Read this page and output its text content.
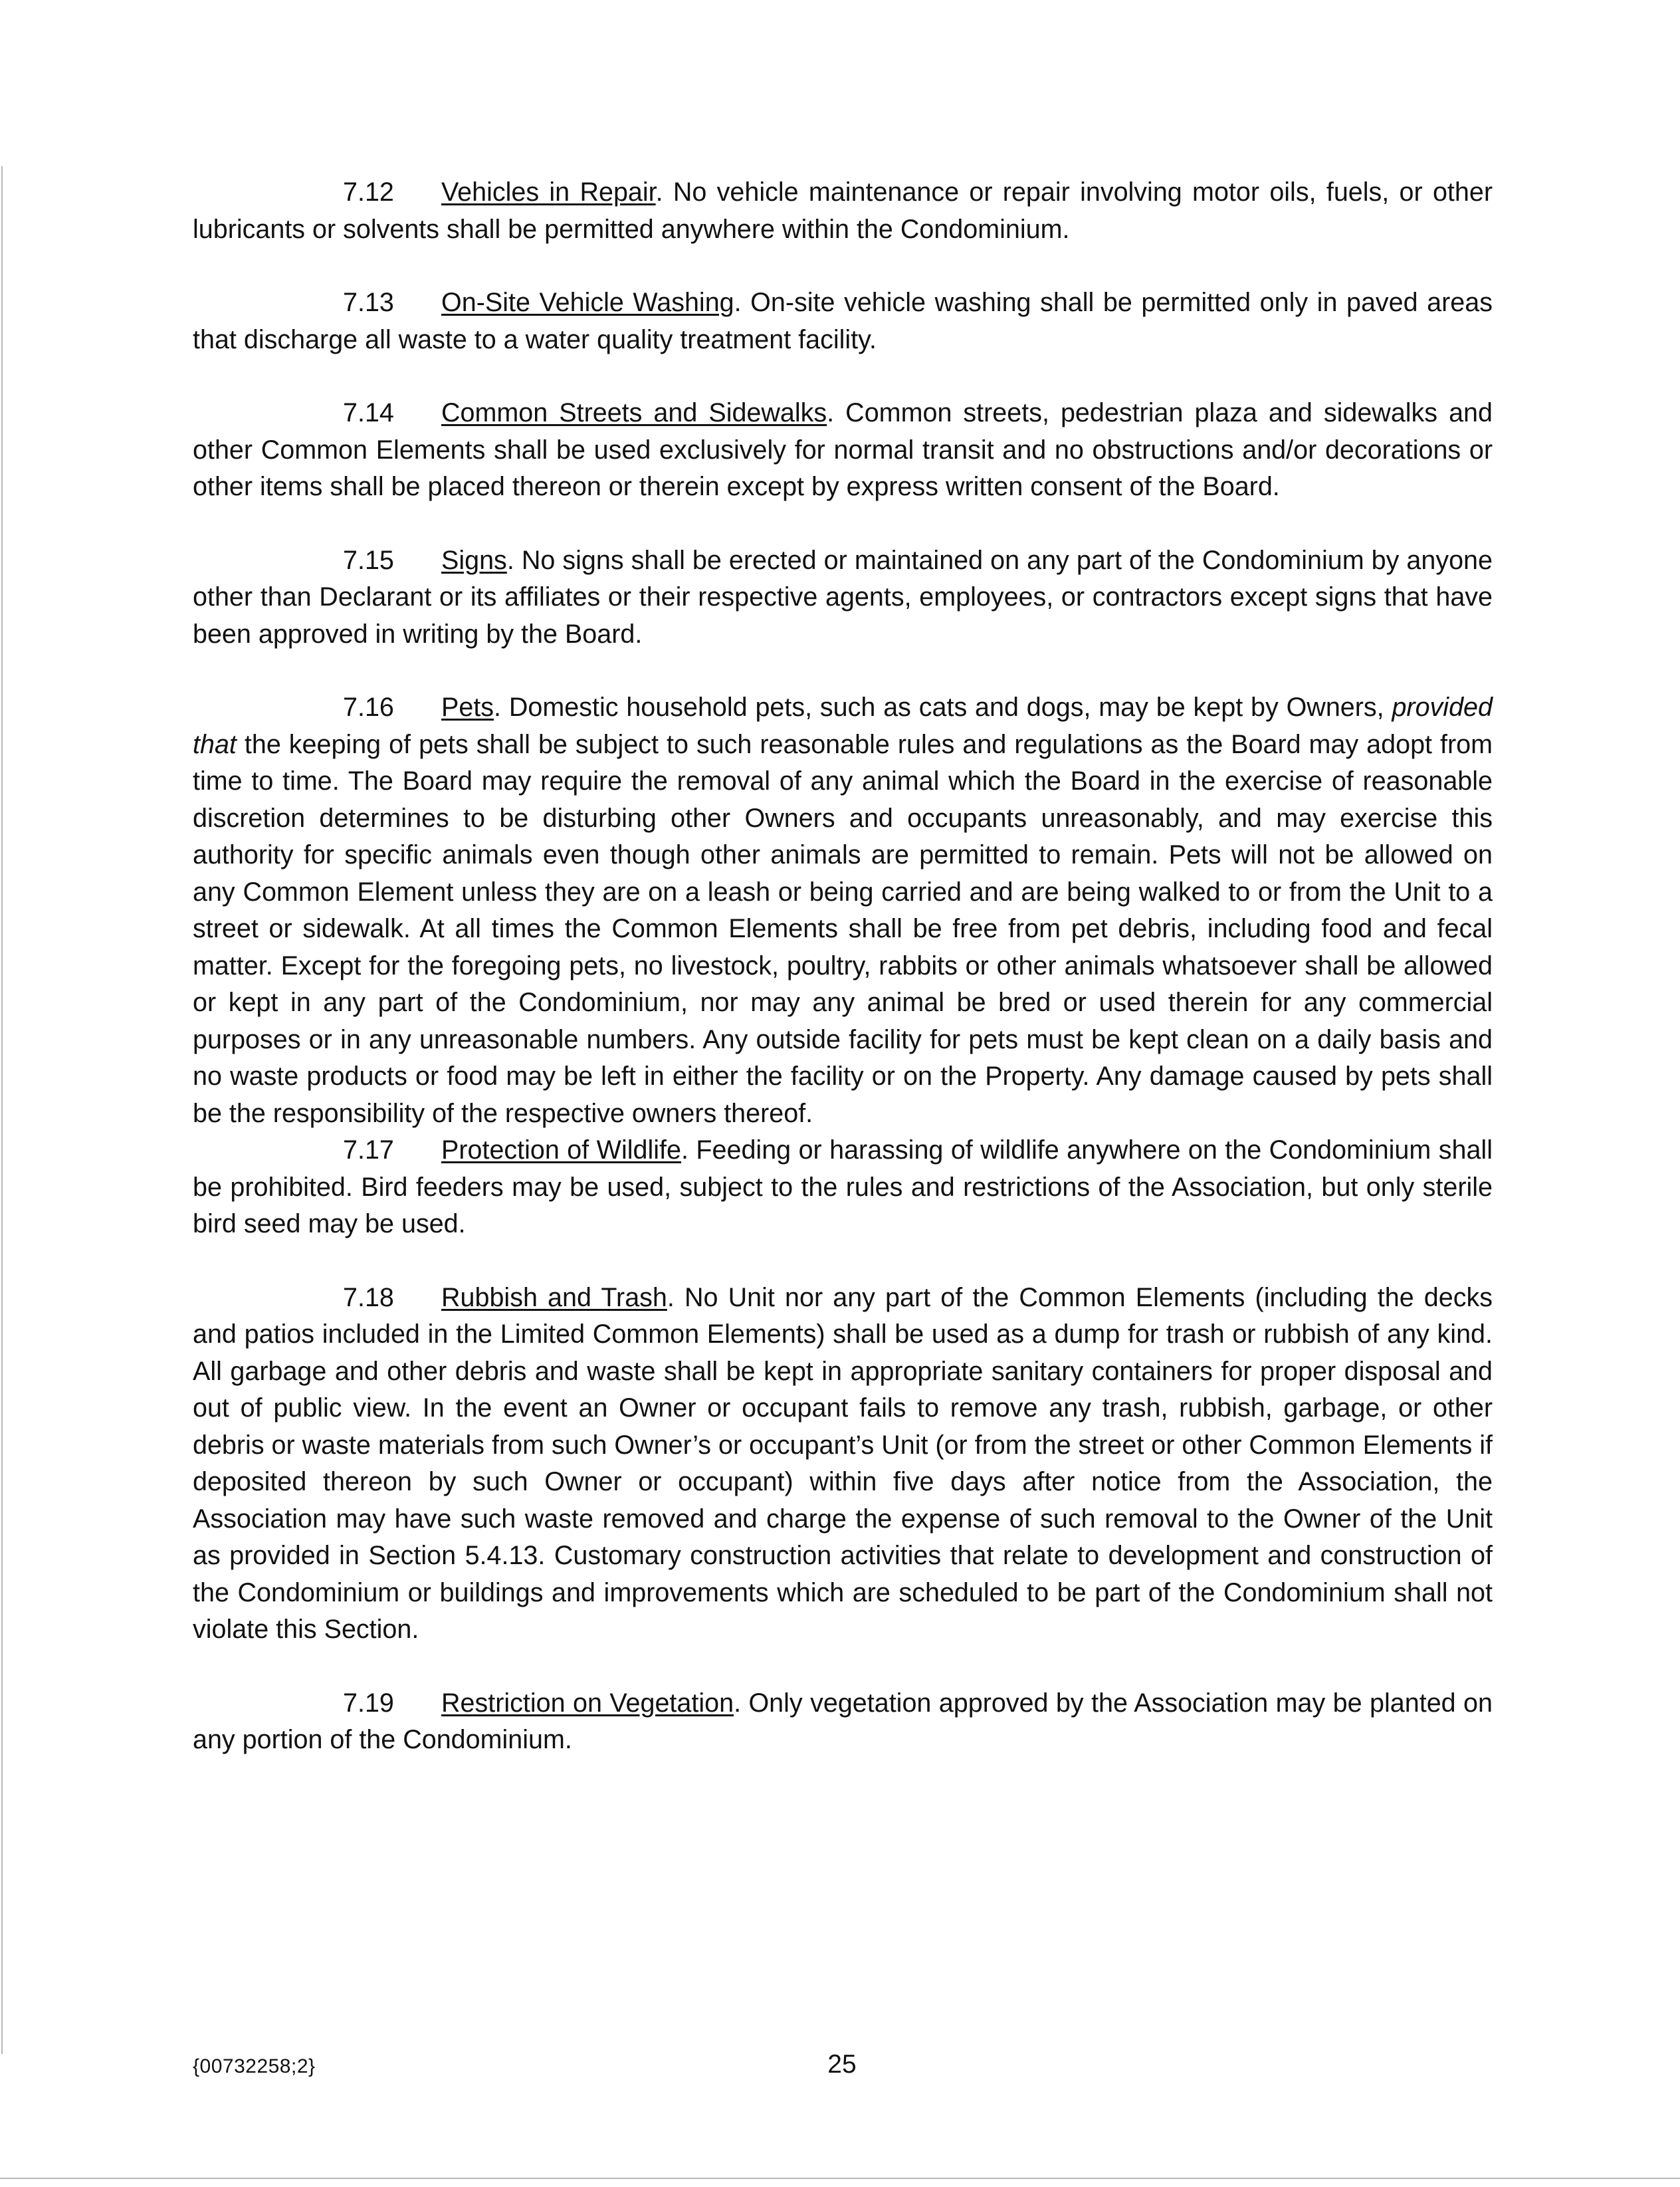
7.12 Vehicles in Repair. No vehicle maintenance or repair involving motor oils, fuels, or other lubricants or solvents shall be permitted anywhere within the Condominium.

7.13 On-Site Vehicle Washing. On-site vehicle washing shall be permitted only in paved areas that discharge all waste to a water quality treatment facility.

7.14 Common Streets and Sidewalks. Common streets, pedestrian plaza and sidewalks and other Common Elements shall be used exclusively for normal transit and no obstructions and/or decorations or other items shall be placed thereon or therein except by express written consent of the Board.

7.15 Signs. No signs shall be erected or maintained on any part of the Condominium by anyone other than Declarant or its affiliates or their respective agents, employees, or contractors except signs that have been approved in writing by the Board.

7.16 Pets. Domestic household pets, such as cats and dogs, may be kept by Owners, provided that the keeping of pets shall be subject to such reasonable rules and regulations as the Board may adopt from time to time. The Board may require the removal of any animal which the Board in the exercise of reasonable discretion determines to be disturbing other Owners and occupants unreasonably, and may exercise this authority for specific animals even though other animals are permitted to remain. Pets will not be allowed on any Common Element unless they are on a leash or being carried and are being walked to or from the Unit to a street or sidewalk. At all times the Common Elements shall be free from pet debris, including food and fecal matter. Except for the foregoing pets, no livestock, poultry, rabbits or other animals whatsoever shall be allowed or kept in any part of the Condominium, nor may any animal be bred or used therein for any commercial purposes or in any unreasonable numbers. Any outside facility for pets must be kept clean on a daily basis and no waste products or food may be left in either the facility or on the Property. Any damage caused by pets shall be the responsibility of the respective owners thereof.

7.17 Protection of Wildlife. Feeding or harassing of wildlife anywhere on the Condominium shall be prohibited. Bird feeders may be used, subject to the rules and restrictions of the Association, but only sterile bird seed may be used.

7.18 Rubbish and Trash. No Unit nor any part of the Common Elements (including the decks and patios included in the Limited Common Elements) shall be used as a dump for trash or rubbish of any kind. All garbage and other debris and waste shall be kept in appropriate sanitary containers for proper disposal and out of public view. In the event an Owner or occupant fails to remove any trash, rubbish, garbage, or other debris or waste materials from such Owner’s or occupant’s Unit (or from the street or other Common Elements if deposited thereon by such Owner or occupant) within five days after notice from the Association, the Association may have such waste removed and charge the expense of such removal to the Owner of the Unit as provided in Section 5.4.13. Customary construction activities that relate to development and construction of the Condominium or buildings and improvements which are scheduled to be part of the Condominium shall not violate this Section.

7.19 Restriction on Vegetation. Only vegetation approved by the Association may be planted on any portion of the Condominium.

{00732258;2}	25
